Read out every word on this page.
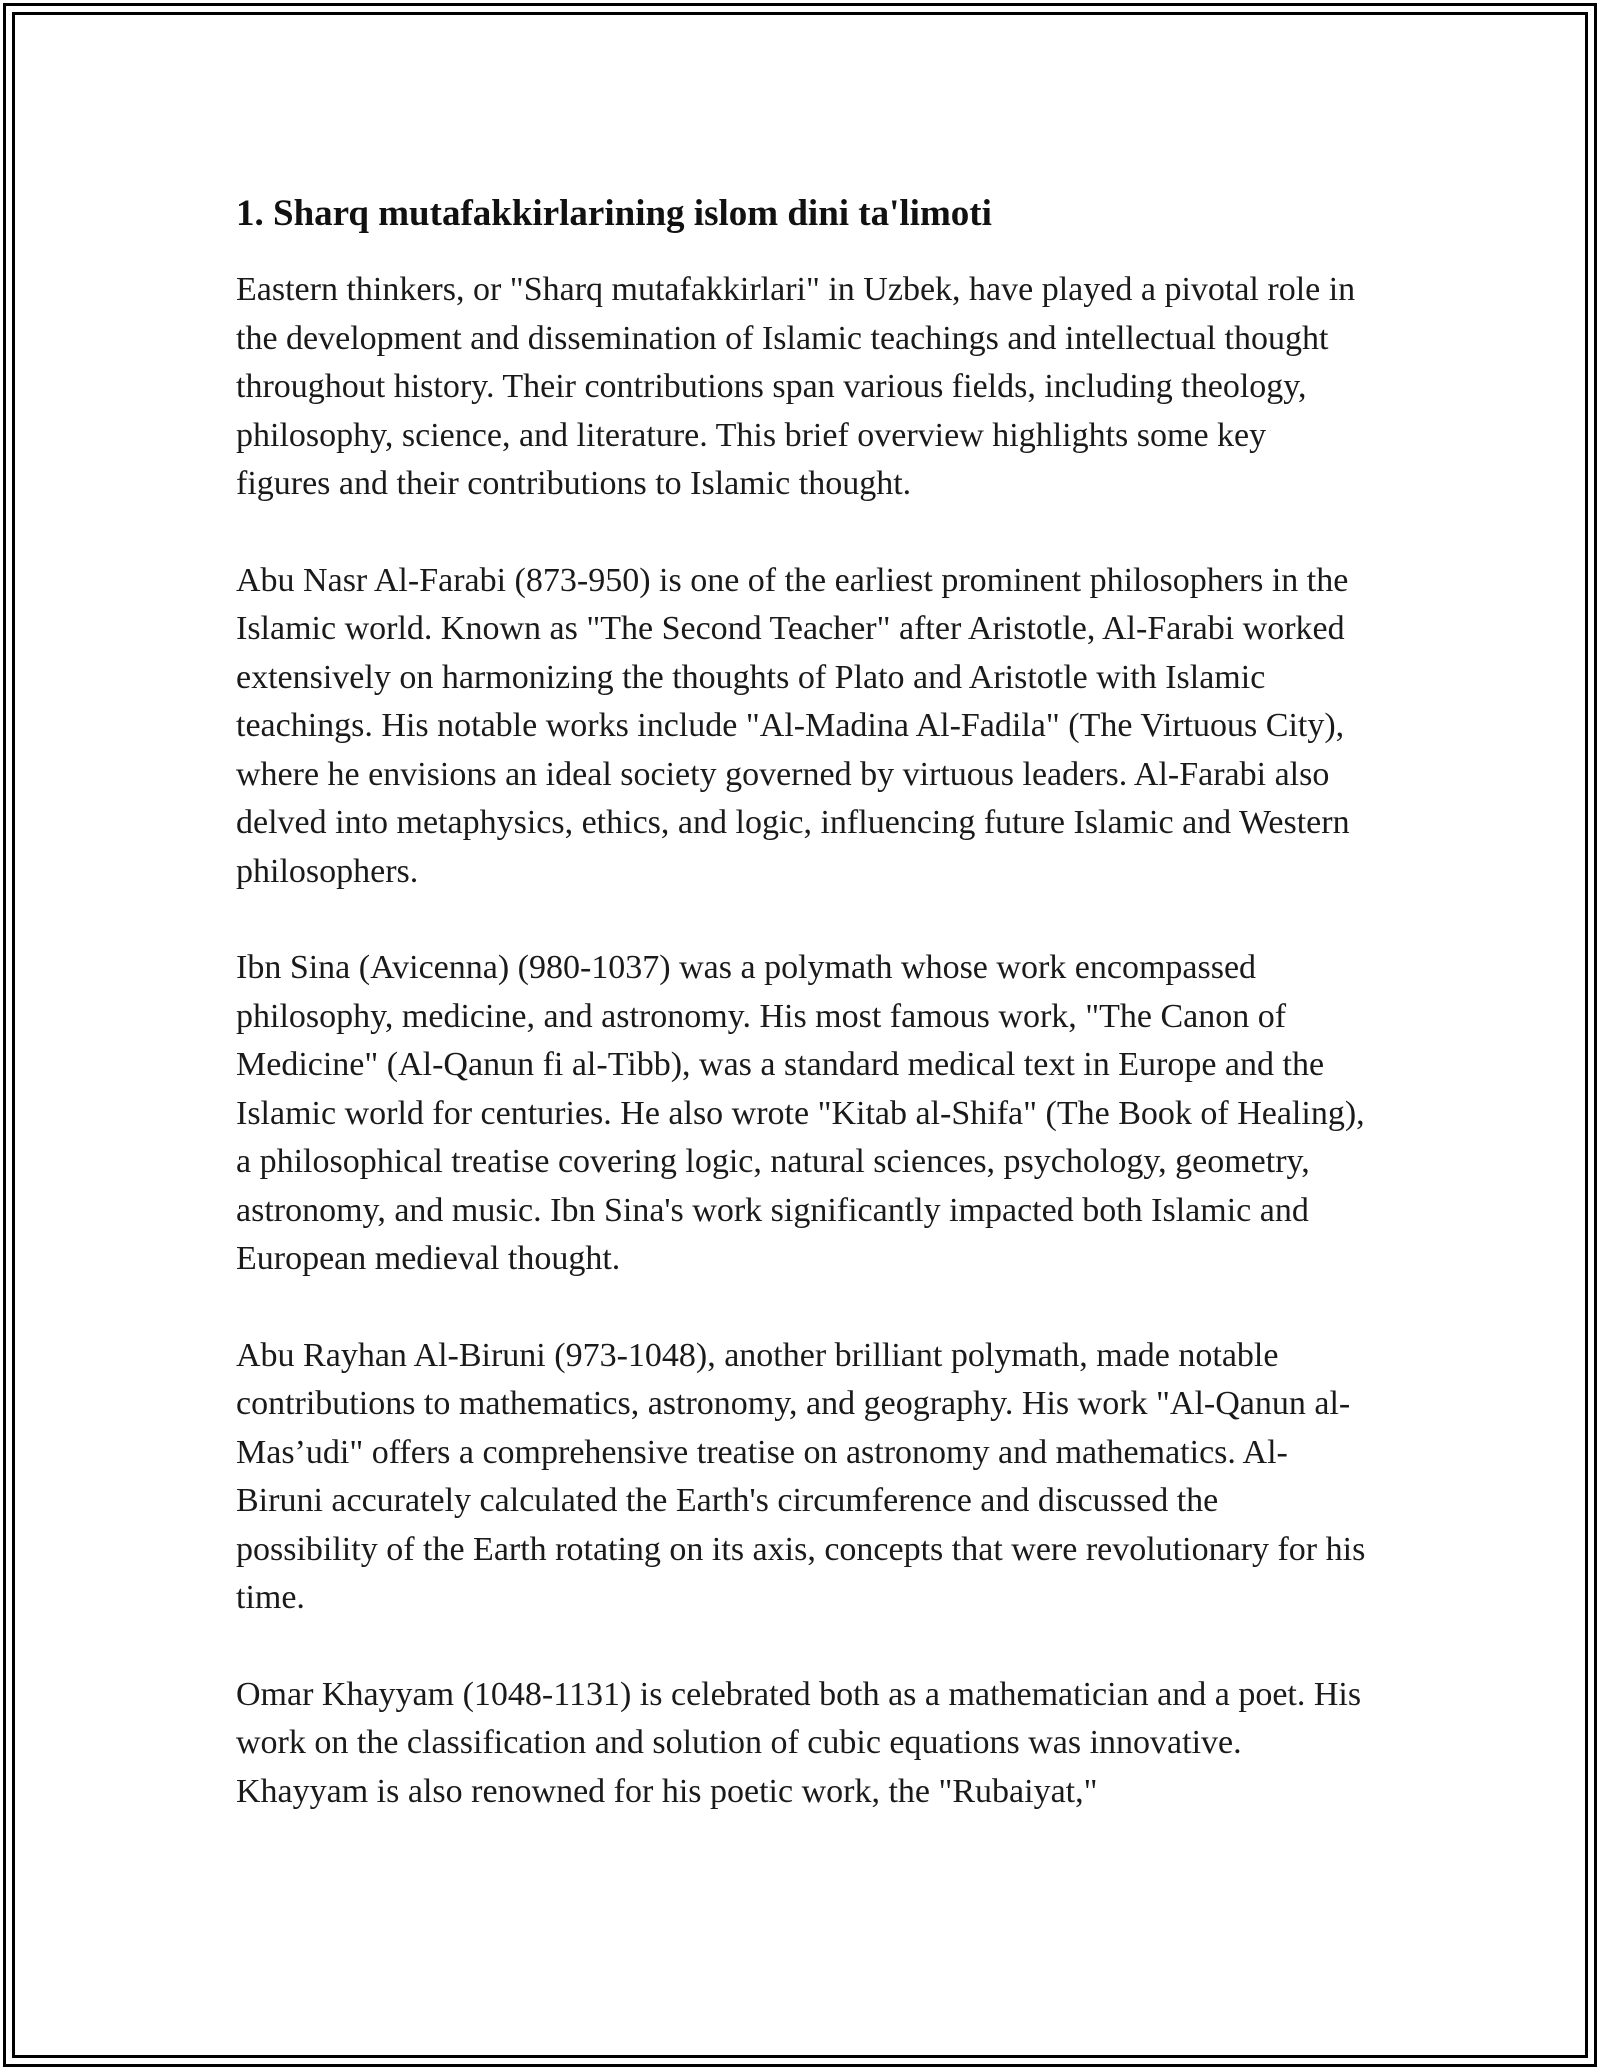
1. Sharq mutafakkirlarining islom dini ta'limoti

Eastern thinkers, or "Sharq mutafakkirlari" in Uzbek, have played a pivotal role in the development and dissemination of Islamic teachings and intellectual thought throughout history. Their contributions span various fields, including theology, philosophy, science, and literature. This brief overview highlights some key figures and their contributions to Islamic thought.

Abu Nasr Al-Farabi (873-950) is one of the earliest prominent philosophers in the Islamic world. Known as "The Second Teacher" after Aristotle, Al-Farabi worked extensively on harmonizing the thoughts of Plato and Aristotle with Islamic teachings. His notable works include "Al-Madina Al-Fadila" (The Virtuous City), where he envisions an ideal society governed by virtuous leaders. Al-Farabi also delved into metaphysics, ethics, and logic, influencing future Islamic and Western philosophers.

Ibn Sina (Avicenna) (980-1037) was a polymath whose work encompassed philosophy, medicine, and astronomy. His most famous work, "The Canon of Medicine" (Al-Qanun fi al-Tibb), was a standard medical text in Europe and the Islamic world for centuries. He also wrote "Kitab al-Shifa" (The Book of Healing), a philosophical treatise covering logic, natural sciences, psychology, geometry, astronomy, and music. Ibn Sina's work significantly impacted both Islamic and European medieval thought.

Abu Rayhan Al-Biruni (973-1048), another brilliant polymath, made notable contributions to mathematics, astronomy, and geography. His work "Al-Qanun al-Mas’udi" offers a comprehensive treatise on astronomy and mathematics. Al-Biruni accurately calculated the Earth's circumference and discussed the possibility of the Earth rotating on its axis, concepts that were revolutionary for his time.

Omar Khayyam (1048-1131) is celebrated both as a mathematician and a poet. His work on the classification and solution of cubic equations was innovative. Khayyam is also renowned for his poetic work, the "Rubaiyat,"
